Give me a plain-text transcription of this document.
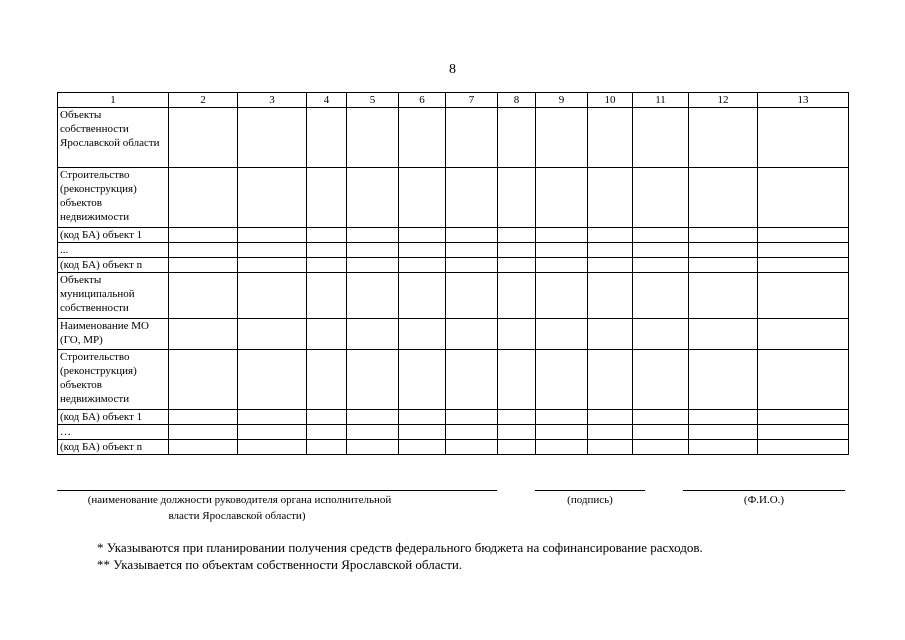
8
1	2	3	4	5	6	7	8	9	10	11	12	13
Объекты собственности Ярославской области												
Строительство (реконструкция) объектов недвижимости												
(код БА) объект 1												
...												
(код БА) объект n												
Объекты муниципальной собственности												
Наименование МО (ГО, МР)												
Строительство (реконструкция) объектов недвижимости												
(код БА) объект 1												
…												
(код БА) объект n												
(наименование должности руководителя органа исполнительной
власти Ярославской области)
(подпись)	(Ф.И.О.)
* Указываются при планировании получения средств федерального бюджета на софинансирование расходов.
** Указывается по объектам собственности Ярославской области.
